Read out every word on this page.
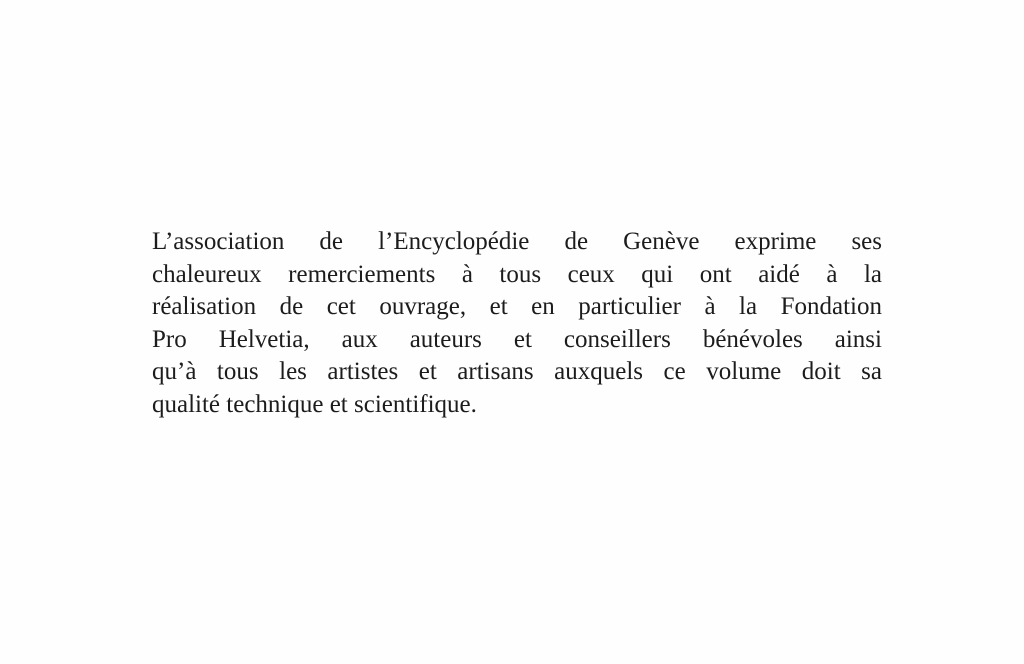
L’association de l’Encyclopédie de Genève exprime ses
chaleureux remerciements à tous ceux qui ont aidé à la
réalisation de cet ouvrage, et en particulier à la Fondation
Pro Helvetia, aux auteurs et conseillers bénévoles ainsi
qu’à tous les artistes et artisans auxquels ce volume doit sa
qualité technique et scientifique.
